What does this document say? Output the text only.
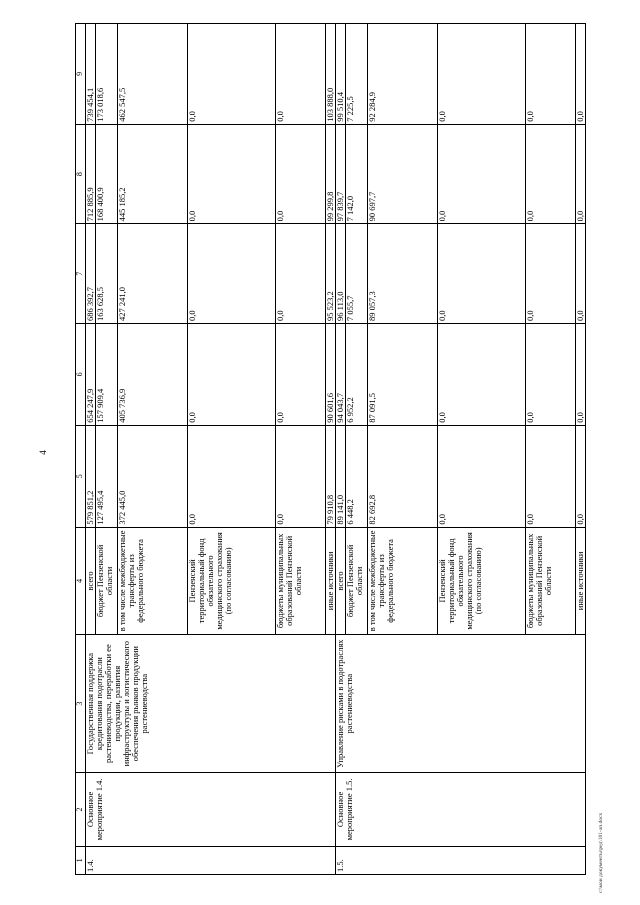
4
1	2	3	4	5	6	7	8	9
1.4.	Основное мероприятие 1.4.	Государственная поддержка кредитования подотрасли растениеводства, переработки ее продукции, развития инфраструктуры и логистического обеспечения рынков продукции растениеводства	всего	579 851,2	654 247,9	686 392,7	712 885,9	739 454,1
			бюджет Пензенской области	127 495,4	157 909,4	163 628,5	168 400,9	173 018,6
			в том числе межбюджетные трансферты из федерального бюджета	372 445,0	405 736,9	427 241,0	445 185,2	462 547,5
			Пензенский территориальный фонд обязательного медицинского страхования (по согласованию)	0,0	0,0	0,0	0,0	0,0
			бюджеты муниципальных образований Пензенской области	0,0	0,0	0,0	0,0	0,0
			иные источники	79 910,8	90 601,6	95 523,2	99 299,8	103 888,0
1.5.	Основное мероприятие 1.5.	Управление рисками в подотраслях растениеводства	всего	89 141,0	94 043,7	96 113,0	97 839,7	99 510,4
			бюджет Пензенской области	6 448,2	6 952,2	7 055,7	7 142,0	7 225,5
			в том числе межбюджетные трансферты из федерального бюджета	82 692,8	87 091,5	89 057,3	90 697,7	92 284,9
			Пензенский территориальный фонд обязательного медицинского страхования (по согласованию)	0,0	0,0	0,0	0,0	0,0
			бюджеты муниципальных образований Пензенской области	0,0	0,0	0,0	0,0	0,0
			иные источники	0,0	0,0	0,0	0,0	0,0
c:\мои документы\ред\101-ап.docx
